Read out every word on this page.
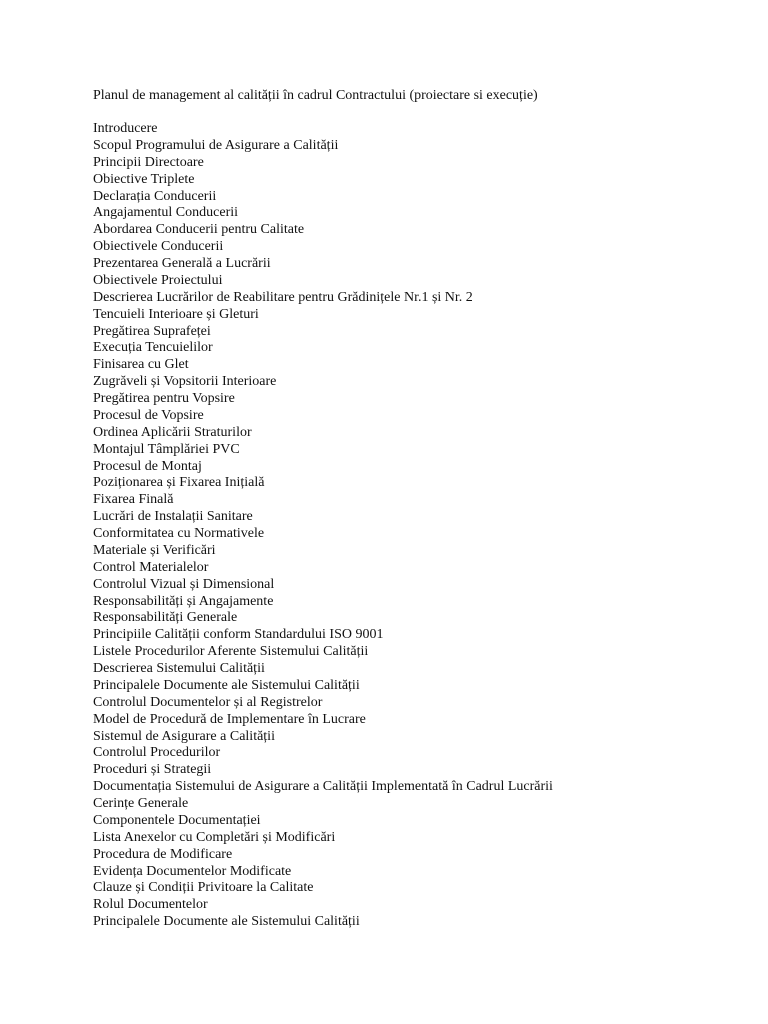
Planul de management al calității în cadrul Contractului (proiectare si execuție)

Introducere
Scopul Programului de Asigurare a Calității
Principii Directoare
Obiective Triplete
Declarația Conducerii
Angajamentul Conducerii
Abordarea Conducerii pentru Calitate
Obiectivele Conducerii
Prezentarea Generală a Lucrării
Obiectivele Proiectului
Descrierea Lucrărilor de Reabilitare pentru Grădinițele Nr.1 și Nr. 2
Tencuieli Interioare și Gleturi
Pregătirea Suprafeței
Execuția Tencuielilor
Finisarea cu Glet
Zugrăveli și Vopsitorii Interioare
Pregătirea pentru Vopsire
Procesul de Vopsire
Ordinea Aplicării Straturilor
Montajul Tâmplăriei PVC
Procesul de Montaj
Poziționarea și Fixarea Inițială
Fixarea Finală
Lucrări de Instalații Sanitare
Conformitatea cu Normativele
Materiale și Verificări
Control Materialelor
Controlul Vizual și Dimensional
Responsabilități și Angajamente
Responsabilități Generale
Principiile Calității conform Standardului ISO 9001
Listele Procedurilor Aferente Sistemului Calității
Descrierea Sistemului Calității
Principalele Documente ale Sistemului Calității
Controlul Documentelor și al Registrelor
Model de Procedură de Implementare în Lucrare
Sistemul de Asigurare a Calității
Controlul Procedurilor
Proceduri și Strategii
Documentația Sistemului de Asigurare a Calității Implementată în Cadrul Lucrării
Cerințe Generale
Componentele Documentației
Lista Anexelor cu Completări și Modificări
Procedura de Modificare
Evidența Documentelor Modificate
Clauze și Condiții Privitoare la Calitate
Rolul Documentelor
Principalele Documente ale Sistemului Calității
